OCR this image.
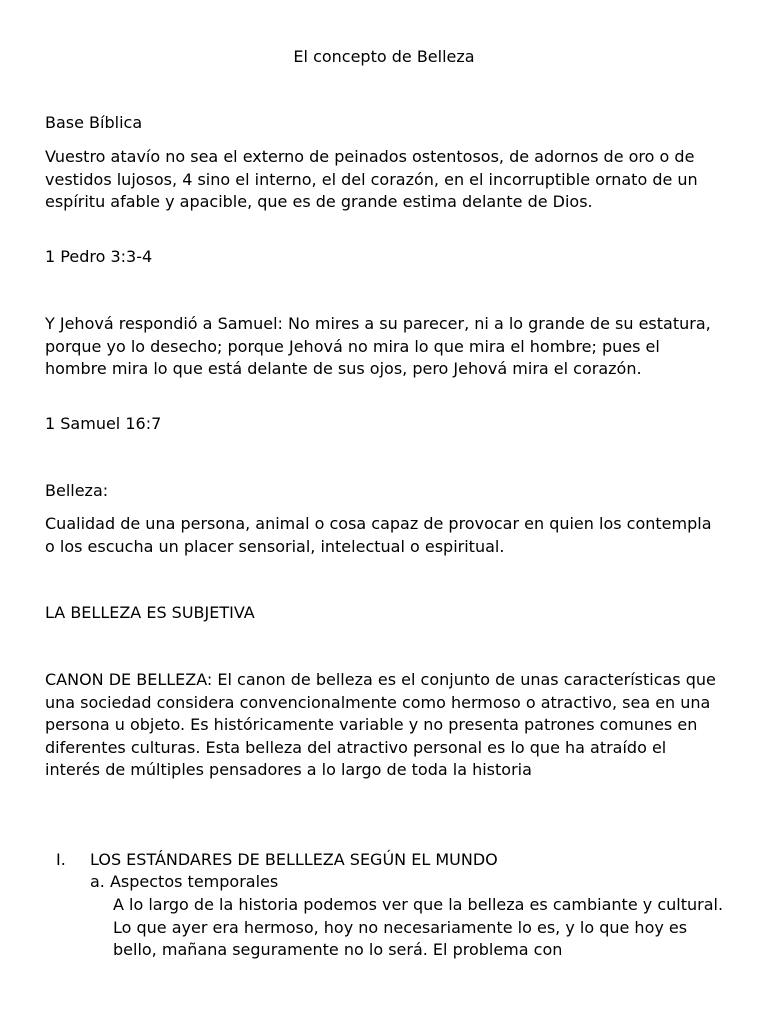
El concepto de Belleza

Base Bíblica

Vuestro atavío no sea el externo de peinados ostentosos, de adornos de oro o de vestidos lujosos, 4 sino el interno, el del corazón, en el incorruptible ornato de un espíritu afable y apacible, que es de grande estima delante de Dios.

1 Pedro 3:3-4

Y Jehová respondió a Samuel: No mires a su parecer, ni a lo grande de su estatura, porque yo lo desecho; porque Jehová no mira lo que mira el hombre; pues el hombre mira lo que está delante de sus ojos, pero Jehová mira el corazón.

1 Samuel 16:7

Belleza:

Cualidad de una persona, animal o cosa capaz de provocar en quien los contempla o los escucha un placer sensorial, intelectual o espiritual.

LA BELLEZA ES SUBJETIVA

CANON DE BELLEZA: El canon de belleza es el conjunto de unas características que una sociedad considera convencionalmente como hermoso o atractivo, sea en una persona u objeto. Es históricamente variable y no presenta patrones comunes en diferentes culturas. Esta belleza del atractivo personal es lo que ha atraído el interés de múltiples pensadores a lo largo de toda la historia

I. LOS ESTÁNDARES DE BELLLEZA SEGÚN EL MUNDO
a. Aspectos temporales
A lo largo de la historia podemos ver que la belleza es cambiante y cultural. Lo que ayer era hermoso, hoy no necesariamente lo es, y lo que hoy es bello, mañana seguramente no lo será. El problema con
